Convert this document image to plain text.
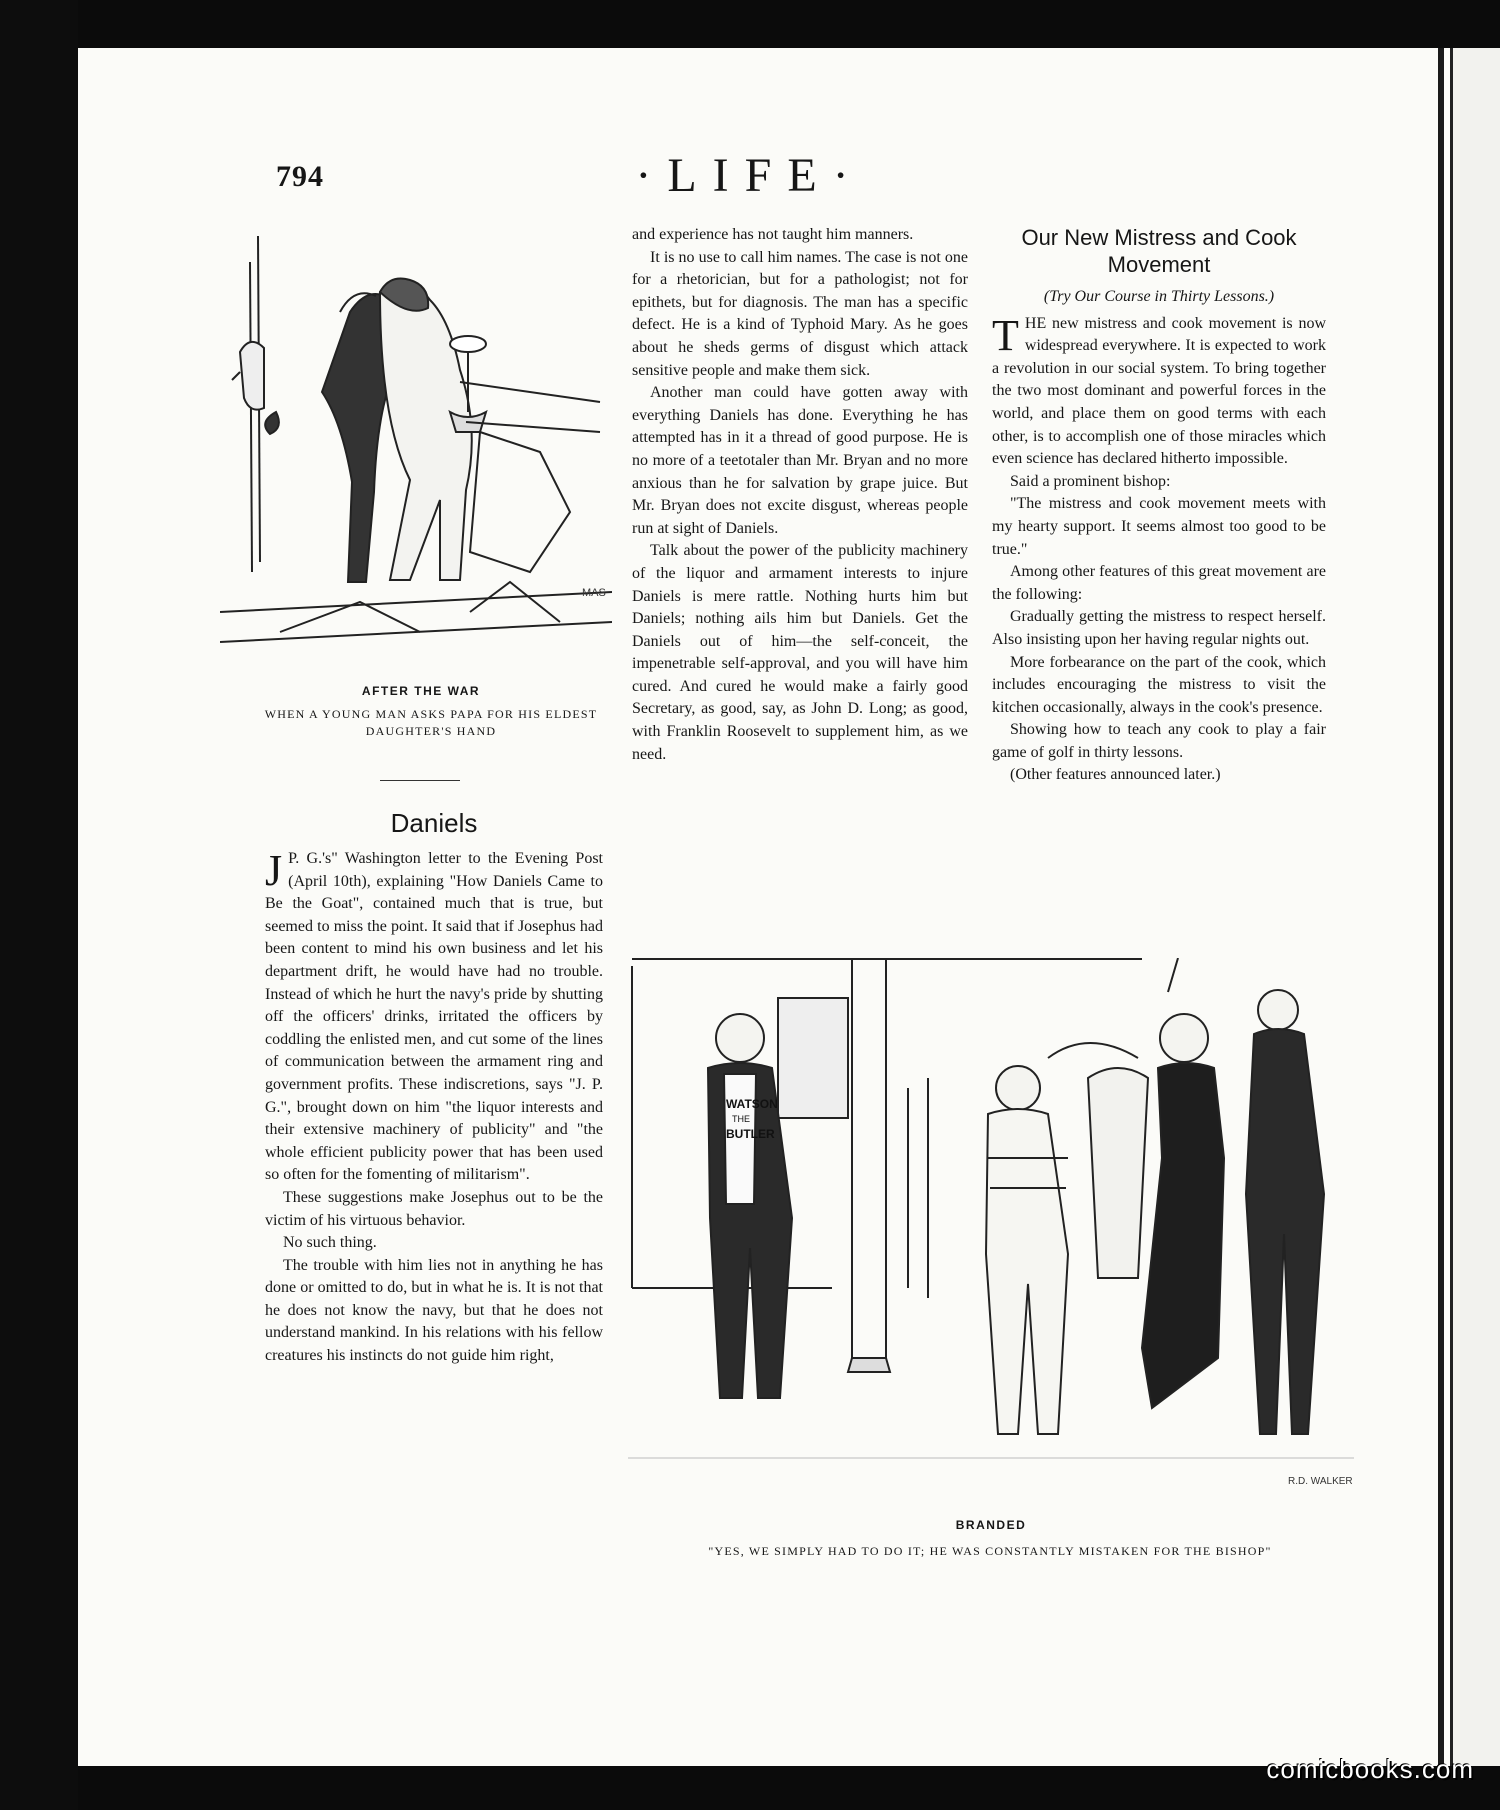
794	·LIFE·
MAS
AFTER THE WAR
WHEN A YOUNG MAN ASKS PAPA FOR HIS ELDEST DAUGHTER'S HAND
Daniels

J P. G.'s" Washington letter to the Evening Post (April 10th), explaining "How Daniels Came to Be the Goat", contained much that is true, but seemed to miss the point. It said that if Josephus had been content to mind his own business and let his department drift, he would have had no trouble. Instead of which he hurt the navy's pride by shutting off the officers' drinks, irritated the officers by coddling the enlisted men, and cut some of the lines of communication between the armament ring and government profits. These indiscretions, says "J. P. G.", brought down on him "the liquor interests and their extensive machinery of publicity" and "the whole efficient publicity power that has been used so often for the fomenting of militarism".

These suggestions make Josephus out to be the victim of his virtuous behavior.

No such thing.

The trouble with him lies not in anything he has done or omitted to do, but in what he is. It is not that he does not know the navy, but that he does not understand mankind. In his relations with his fellow creatures his instincts do not guide him right,

and experience has not taught him manners.

It is no use to call him names. The case is not one for a rhetorician, but for a pathologist; not for epithets, but for diagnosis. The man has a specific defect. He is a kind of Typhoid Mary. As he goes about he sheds germs of disgust which attack sensitive people and make them sick.

Another man could have gotten away with everything Daniels has done. Everything he has attempted has in it a thread of good purpose. He is no more of a teetotaler than Mr. Bryan and no more anxious than he for salvation by grape juice. But Mr. Bryan does not excite disgust, whereas people run at sight of Daniels.

Talk about the power of the publicity machinery of the liquor and armament interests to injure Daniels is mere rattle. Nothing hurts him but Daniels; nothing ails him but Daniels. Get the Daniels out of him—the self-conceit, the impenetrable self-approval, and you will have him cured. And cured he would make a fairly good Secretary, as good, say, as John D. Long; as good, with Franklin Roosevelt to supplement him, as we need.

Our New Mistress and Cook Movement
(Try Our Course in Thirty Lessons.)

THE new mistress and cook movement is now widespread everywhere. It is expected to work a revolution in our social system. To bring together the two most dominant and powerful forces in the world, and place them on good terms with each other, is to accomplish one of those miracles which even science has declared hitherto impossible.

Said a prominent bishop:

"The mistress and cook movement meets with my hearty support. It seems almost too good to be true."

Among other features of this great movement are the following:

Gradually getting the mistress to respect herself. Also insisting upon her having regular nights out.

More forbearance on the part of the cook, which includes encouraging the mistress to visit the kitchen occasionally, always in the cook's presence.

Showing how to teach any cook to play a fair game of golf in thirty lessons.

(Other features announced later.)

WATSON
THE
BUTLER
R.D. WALKER
BRANDED
"YES, WE SIMPLY HAD TO DO IT; HE WAS CONSTANTLY MISTAKEN FOR THE BISHOP"
comicbooks.com
